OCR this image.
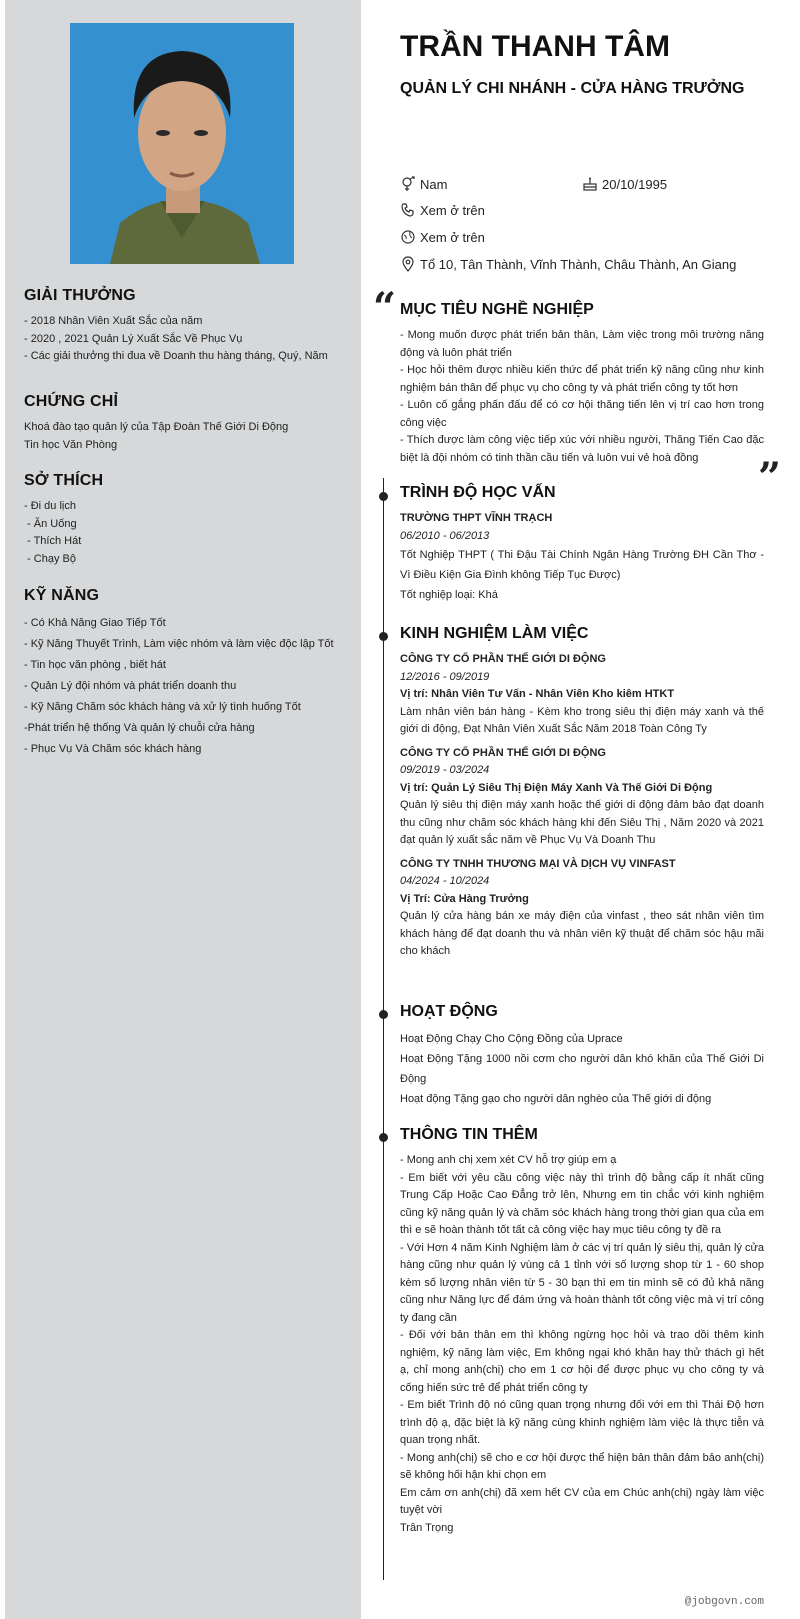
GIẢI THƯỞNG

- 2018 Nhân Viên Xuất Sắc của năm

- 2020 , 2021 Quản Lý Xuất Sắc Về Phục Vụ

- Các giải thưởng thi đua về Doanh thu hàng tháng, Quý, Năm

CHỨNG CHỈ

Khoá đào tạo quản lý của Tập Đoàn Thế Giới Di Động

Tin học Văn Phòng

SỞ THÍCH

- Đi du lịch

- Ăn Uống

- Thích Hát

- Chạy Bộ

KỸ NĂNG

- Có Khả Năng Giao Tiếp Tốt

- Kỹ Năng Thuyết Trình, Làm việc nhóm và làm việc độc lập Tốt

- Tin học văn phòng , biết hát

- Quản Lý đội nhóm và phát triển doanh thu

- Kỹ Năng Chăm sóc khách hàng và xử lý tình huống Tốt

-Phát triển hệ thống Và quản lý chuỗi cửa hàng

- Phục Vụ Và Chăm sóc khách hàng

TRẦN THANH TÂM

QUẢN LÝ CHI NHÁNH - CỬA HÀNG TRƯỞNG

Nam	20/10/1995
Xem ở trên
Xem ở trên
Tổ 10, Tân Thành, Vĩnh Thành, Châu Thành, An Giang
“
”
MỤC TIÊU NGHỀ NGHIỆP

- Mong muốn được phát triển bản thân, Làm việc trong môi trường năng động và luôn phát triển

- Học hỏi thêm được nhiều kiến thức để phát triển kỹ năng cũng như kinh nghiệm bán thân để phục vụ cho công ty và phát triển công ty tốt hơn

- Luôn cố gắng phấn đấu để có cơ hội thăng tiến lên vị trí cao hơn trong công việc

- Thích được làm công việc tiếp xúc với nhiều người, Thăng Tiến Cao đặc biệt là đội nhóm có tinh thần cầu tiến và luôn vui vẻ hoà đồng

TRÌNH ĐỘ HỌC VẤN

TRƯỜNG THPT VĨNH TRẠCH

06/2010 - 06/2013

Tốt Nghiệp THPT ( Thi Đậu Tài Chính Ngân Hàng Trường ĐH Cần Thơ - Vì Điều Kiện Gia Đình không Tiếp Tục Được)

Tốt nghiệp loại: Khá

KINH NGHIỆM LÀM VIỆC

CÔNG TY CỔ PHẦN THẾ GIỚI DI ĐỘNG

12/2016 - 09/2019

Vị trí: Nhân Viên Tư Vấn - Nhân Viên Kho kiêm HTKT

Làm nhân viên bán hàng - Kèm kho trong siêu thị điện máy xanh và thế giới di động, Đạt Nhân Viên Xuất Sắc Năm 2018 Toàn Công Ty

CÔNG TY CỔ PHẦN THẾ GIỚI DI ĐỘNG

09/2019 - 03/2024

Vị trí: Quản Lý Siêu Thị Điện Máy Xanh Và Thế Giới Di Động

Quản lý siêu thị điện máy xanh hoặc thế giới di động đảm bảo đạt doanh thu cũng như chăm sóc khách hàng khi đến Siêu Thị , Năm 2020 và 2021 đạt quản lý xuất sắc năm về Phục Vụ Và Doanh Thu

CÔNG TY TNHH THƯƠNG MẠI VÀ DỊCH VỤ VINFAST

04/2024 - 10/2024

Vị Trí: Cửa Hàng Trưởng

Quản lý cửa hàng bán xe máy điện của vinfast , theo sát nhân viên tìm khách hàng để đạt doanh thu và nhân viên kỹ thuật để chăm sóc hậu mãi cho khách

HOẠT ĐỘNG

Hoạt Động Chạy Cho Cộng Đồng của Uprace

Hoạt Động Tặng 1000 nồi cơm cho người dân khó khăn của Thế Giới Di Động

Hoạt động Tặng gạo cho người dân nghèo của Thế giới di động

THÔNG TIN THÊM

- Mong anh chị xem xét CV hỗ trợ giúp em ạ

- Em biết với yêu cầu công việc này thì trình độ bằng cấp ít nhất cũng Trung Cấp Hoặc Cao Đẳng trở lên, Nhưng em tin chắc với kinh nghiệm cũng kỹ năng quản lý và chăm sóc khách hàng trong thời gian qua của em thì e sẽ hoàn thành tốt tất cả công việc hay mục tiêu công ty đề ra

- Với Hơn 4 năm Kinh Nghiệm làm ở các vị trí quản lý siêu thị, quản lý cửa hàng cũng như quản lý vùng cả 1 tỉnh với số lượng shop từ 1 - 60 shop kèm số lượng nhân viên từ 5 - 30 bạn thì em tin mình sẽ có đủ khả năng cũng như Năng lực để đám ứng và hoàn thành tốt công việc mà vị trí công ty đang cần

- Đối với bản thân em thì không ngừng học hỏi và trao dồi thêm kinh nghiệm, kỹ năng làm việc, Em không ngại khó khăn hay thử thách gì hết ạ, chỉ mong anh(chị) cho em 1 cơ hội để được phục vụ cho công ty và cống hiến sức trẻ để phát triển công ty

- Em biết Trình độ nó cũng quan trọng nhưng đối với em thì Thái Độ hơn trình độ ạ, đặc biệt là kỹ năng cùng khinh nghiệm làm việc là thực tiễn và quan trọng nhất.

- Mong anh(chị) sẽ cho e cơ hội được thể hiện bản thân đảm bảo anh(chị) sẽ không hối hận khi chọn em

Em cảm ơn anh(chị) đã xem hết CV của em Chúc anh(chị) ngày làm việc tuyệt vời

Trân Trọng

@jobgovn.com
